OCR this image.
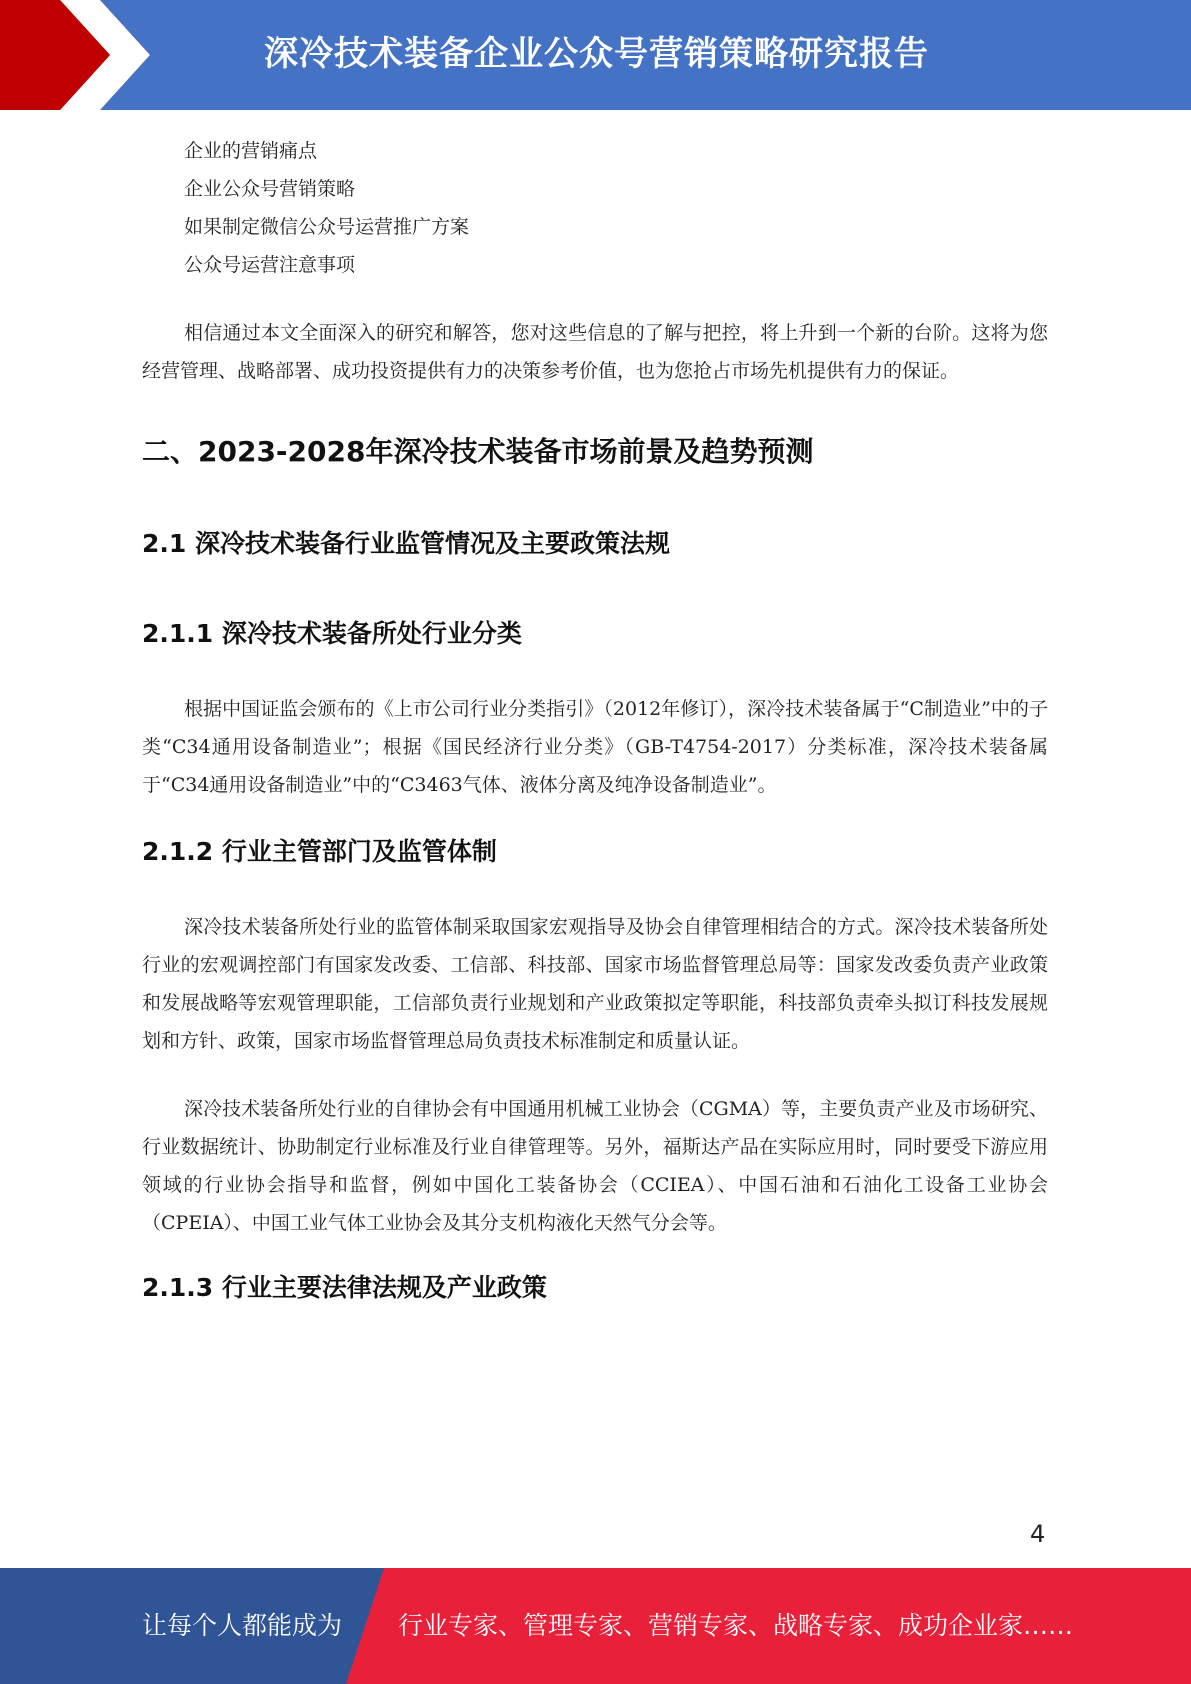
深冷技术装备企业公众号营销策略研究报告
企业的营销痛点
企业公众号营销策略
如果制定微信公众号运营推广方案
公众号运营注意事项

相信通过本文全面深入的研究和解答，您对这些信息的了解与把控，将上升到一个新的台阶。这将为您经营管理、战略部署、成功投资提供有力的决策参考价值，也为您抢占市场先机提供有力的保证。

二、2023-2028年深冷技术装备市场前景及趋势预测
2.1 深冷技术装备行业监管情况及主要政策法规
2.1.1 深冷技术装备所处行业分类

根据中国证监会颁布的《上市公司行业分类指引》（2012年修订），深冷技术装备属于“C制造业”中的子类“C34通用设备制造业”；根据《国民经济行业分类》（GB-T4754-2017）分类标准，深冷技术装备属于“C34通用设备制造业”中的“C3463气体、液体分离及纯净设备制造业”。

2.1.2 行业主管部门及监管体制

深冷技术装备所处行业的监管体制采取国家宏观指导及协会自律管理相结合的方式。深冷技术装备所处行业的宏观调控部门有国家发改委、工信部、科技部、国家市场监督管理总局等：国家发改委负责产业政策和发展战略等宏观管理职能，工信部负责行业规划和产业政策拟定等职能，科技部负责牵头拟订科技发展规划和方针、政策，国家市场监督管理总局负责技术标准制定和质量认证。

深冷技术装备所处行业的自律协会有中国通用机械工业协会（CGMA）等，主要负责产业及市场研究、行业数据统计、协助制定行业标准及行业自律管理等。另外，福斯达产品在实际应用时，同时要受下游应用领域的行业协会指导和监督，例如中国化工装备协会（CCIEA）、中国石油和石油化工设备工业协会（CPEIA）、中国工业气体工业协会及其分支机构液化天然气分会等。

2.1.3 行业主要法律法规及产业政策
4
让每个人都能成为 行业专家、管理专家、营销专家、战略专家、成功企业家……
